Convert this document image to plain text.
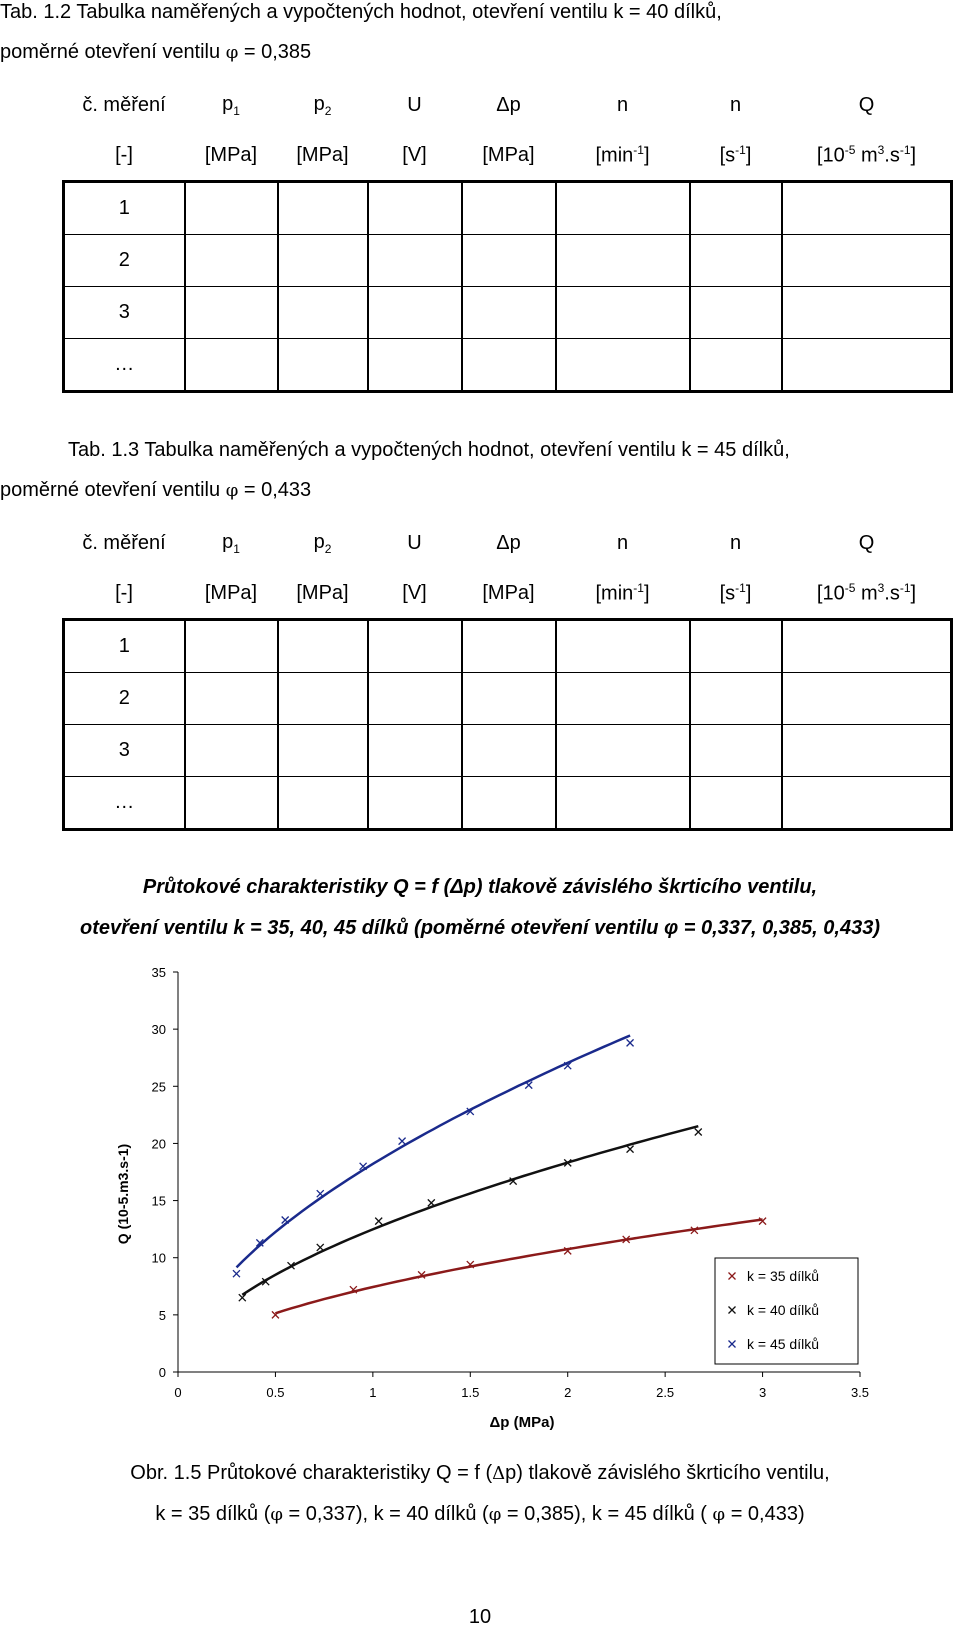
Tab. 1.2 Tabulka naměřených a vypočtených hodnot, otevření ventilu k = 40 dílků,
poměrné otevření ventilu φ = 0,385
č. měření	$p_1$	$p_2$	U	Δp	n	n	Q
[-]	[MPa]	[MPa]	[V]	[MPa]	$[\min^{-1}]$	$[s^{-1}]$	[$10^{-5}$ $m^3.s^{-1}$]
1							
2							
3							
…							
Tab. 1.3 Tabulka naměřených a vypočtených hodnot, otevření ventilu k = 45 dílků,
poměrné otevření ventilu φ = 0,433
č. měření	$p_1$	$p_2$	U	Δp	n	n	Q
[-]	[MPa]	[MPa]	[V]	[MPa]	$[\min^{-1}]$	$[s^{-1}]$	[$10^{-5}$ $m^3.s^{-1}$]
1							
2							
3							
…							
Průtokové charakteristiky Q = f (Δp) tlakově závislého škrticího ventilu,
otevření ventilu k = 35, 40, 45 dílků (poměrné otevření ventilu φ = 0,337, 0,385, 0,433)
0
5
10
15
20
25
30
35
0	0.5	1	1.5	2	2.5	3	3.5
Δp (MPa)
Q (10-5.m3.s-1)
k = 35 dílků
k = 40 dílků
k = 45 dílků
Obr. 1.5 Průtokové charakteristiky Q = f (Δp) tlakově závislého škrticího ventilu,
k = 35 dílků (φ = 0,337), k = 40 dílků (φ = 0,385), k = 45 dílků ( φ = 0,433)
10
